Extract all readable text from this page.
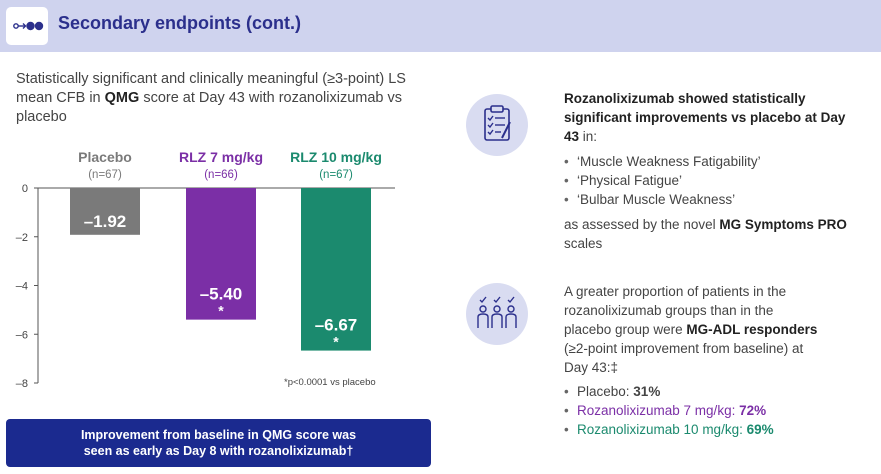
Secondary endpoints (cont.)
Statistically significant and clinically meaningful (≥3-point) LS mean CFB in QMG score at Day 43 with rozanolixizumab vs placebo
0
–2
–4
–6
–8
Placebo
(n=67)
–1.92
RLZ 7 mg/kg
(n=66)
–5.40
*
RLZ 10 mg/kg
(n=67)
–6.67
*
*p<0.0001 vs placebo
Improvement from baseline in QMG score was
seen as early as Day 8 with rozanolixizumab†
Rozanolixizumab showed statistically significant improvements vs placebo at Day 43 in:
• ‘Muscle Weakness Fatigability’
• ‘Physical Fatigue’
• ‘Bulbar Muscle Weakness’
as assessed by the novel MG Symptoms PRO scales
A greater proportion of patients in the rozanolixizumab groups than in the placebo group were MG-ADL responders (≥2-point improvement from baseline) at Day 43:‡
• Placebo: 31%
• Rozanolixizumab 7 mg/kg: 72%
• Rozanolixizumab 10 mg/kg: 69%
